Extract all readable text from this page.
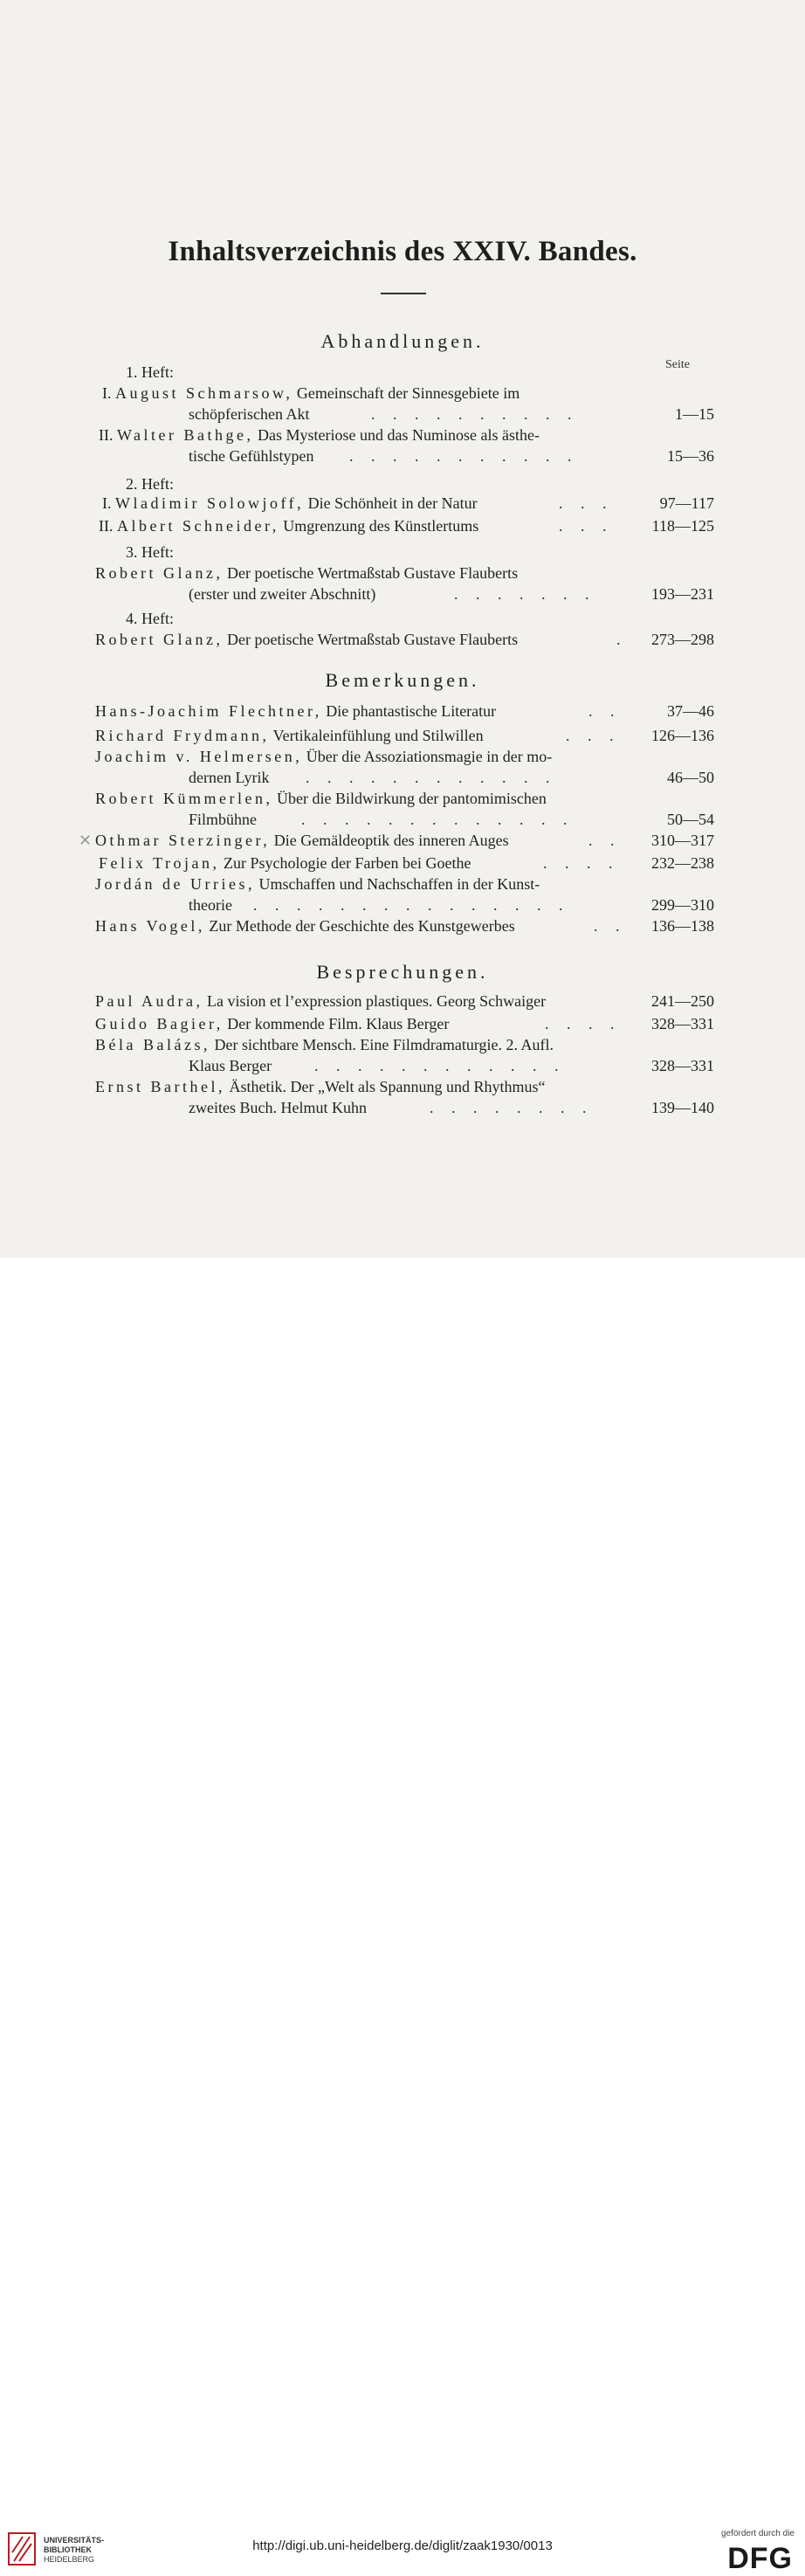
Inhaltsverzeichnis des XXIV. Bandes.
Abhandlungen.
Seite
1. Heft:
I. August Schmarsow, Gemeinschaft der Sinnesgebiete im
schöpferischen Akt	. . . . . . . . . .	1—15
II. Walter Bathge, Das Mysteriose und das Numinose als ästhe-
tische Gefühlstypen . . . . . . . . . . .	15—36
2. Heft:
I. Wladimir Solowjoff, Die Schönheit in der Natur	. . .	97—117
II. Albert Schneider, Umgrenzung des Künstlertums	. . . 118—125
3. Heft:
Robert Glanz, Der poetische Wertmaßstab Gustave Flauberts
(erster und zweiter Abschnitt)	. . . . . . .	193—231
4. Heft:
Robert Glanz, Der poetische Wertmaßstab Gustave Flauberts	. 273—298
Bemerkungen.
Hans-Joachim Flechtner, Die phantastische Literatur	. .	37—46
Richard Frydmann, Vertikaleinfühlung und Stilwillen	. . . 126—136
Joachim v. Helmersen, Über die Assoziationsmagie in der mo-
dernen Lyrik . . . . . . . . . . . .	46—50
Robert Kümmerlen, Über die Bildwirkung der pantomimischen
Filmbühne	. . . . . . . . . . . . .	50—54
✕ Othmar Sterzinger, Die Gemäldeoptik des inneren Auges	. . 310—317
Felix Trojan, Zur Psychologie der Farben bei Goethe	. . . . 232—238
Jordán de Urries, Umschaffen und Nachschaffen in der Kunst-
theorie . . . . . . . . . . . . . . .	299—310
Hans Vogel, Zur Methode der Geschichte des Kunstgewerbes	. . 136—138
Besprechungen.
Paul Audra, La vision et l’expression plastiques. Georg Schwaiger	241—250
Guido Bagier, Der kommende Film. Klaus Berger	. . . . 328—331
Béla Balázs, Der sichtbare Mensch. Eine Filmdramaturgie. 2. Aufl.
Klaus Berger	. . . . . . . . . . . .	328—331
Ernst Barthel, Ästhetik. Der „Welt als Spannung und Rhythmus“
zweites Buch. Helmut Kuhn	. . . . . . . .	139—140
UNIVERSITÄTS-
BIBLIOTHEK
HEIDELBERG
http://digi.ub.uni-heidelberg.de/diglit/zaak1930/0013
gefördert durch die
DFG
